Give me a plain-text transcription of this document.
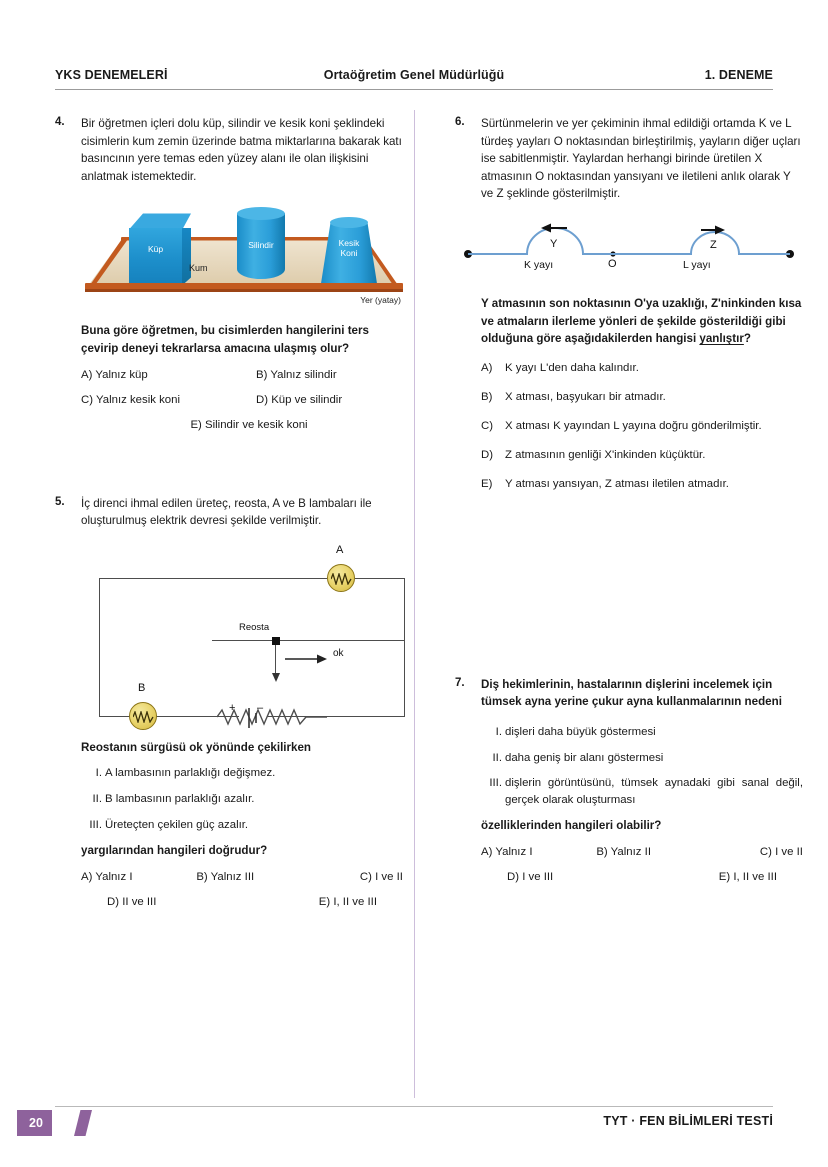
YKS DENEMELERİ	Ortaöğretim Genel Müdürlüğü	1. DENEME
4.	Bir öğretmen içleri dolu küp, silindir ve kesik koni şeklindeki cisimlerin kum zemin üzerinde batma miktarlarına bakarak katı basıncının yere temas eden yüzey alanı ile olan ilişkisini anlatmak istemektedir.

Küp	Silindir	Kesik
Koni
Kum
Yer (yatay)

Buna göre öğretmen, bu cisimlerden hangilerini ters çevirip deneyi tekrarlarsa amacına ulaşmış olur?

A) Yalnız küp	B) Yalnız silindir
C) Yalnız kesik koni	D) Küp ve silindir
E) Silindir ve kesik koni
5.	İç direnci ihmal edilen üreteç, reosta, A ve B lambaları ile oluşturulmuş elektrik devresi şekilde verilmiştir.

A
Reosta
ok
B
+ –

Reostanın sürgüsü ok yönünde çekilirken

I. A lambasının parlaklığı değişmez.
II. B lambasının parlaklığı azalır.
III. Üreteçten çekilen güç azalır.

yargılarından hangileri doğrudur?

A) Yalnız I	B) Yalnız III	C) I ve II
D) II ve III	E) I, II ve III
6.	Sürtünmelerin ve yer çekiminin ihmal edildiği ortamda K ve L türdeş yayları O noktasından birleştirilmiş, yayların diğer uçları ise sabitlenmiştir. Yaylardan herhangi birinde üretilen X atmasının O noktasından yansıyanı ve iletileni anlık olarak Y ve Z şeklinde gösterilmiştir.

Y	Z
O
K yayı	L yayı

Y atmasının son noktasının O'ya uzaklığı, Z'ninkinden kısa ve atmaların ilerleme yönleri de şekilde gösterildiği gibi olduğuna göre aşağıdakilerden hangisi yanlıştır?

A)	K yayı L'den daha kalındır.
B)	X atması, başyukarı bir atmadır.
C)	X atması K yayından L yayına doğru gönderilmiştir.
D)	Z atmasının genliği X'inkinden küçüktür.
E)	Y atması yansıyan, Z atması iletilen atmadır.
7.	Diş hekimlerinin, hastalarının dişlerini incelemek için tümsek ayna yerine çukur ayna kullanmalarının nedeni

I. dişleri daha büyük göstermesi
II. daha geniş bir alanı göstermesi
III. dişlerin görüntüsünü, tümsek aynadaki gibi sanal değil, gerçek olarak oluşturması

özelliklerinden hangileri olabilir?

A) Yalnız I	B) Yalnız II	C) I ve II
D) I ve III	E) I, II ve III
20	TYT · FEN BİLİMLERİ TESTİ
